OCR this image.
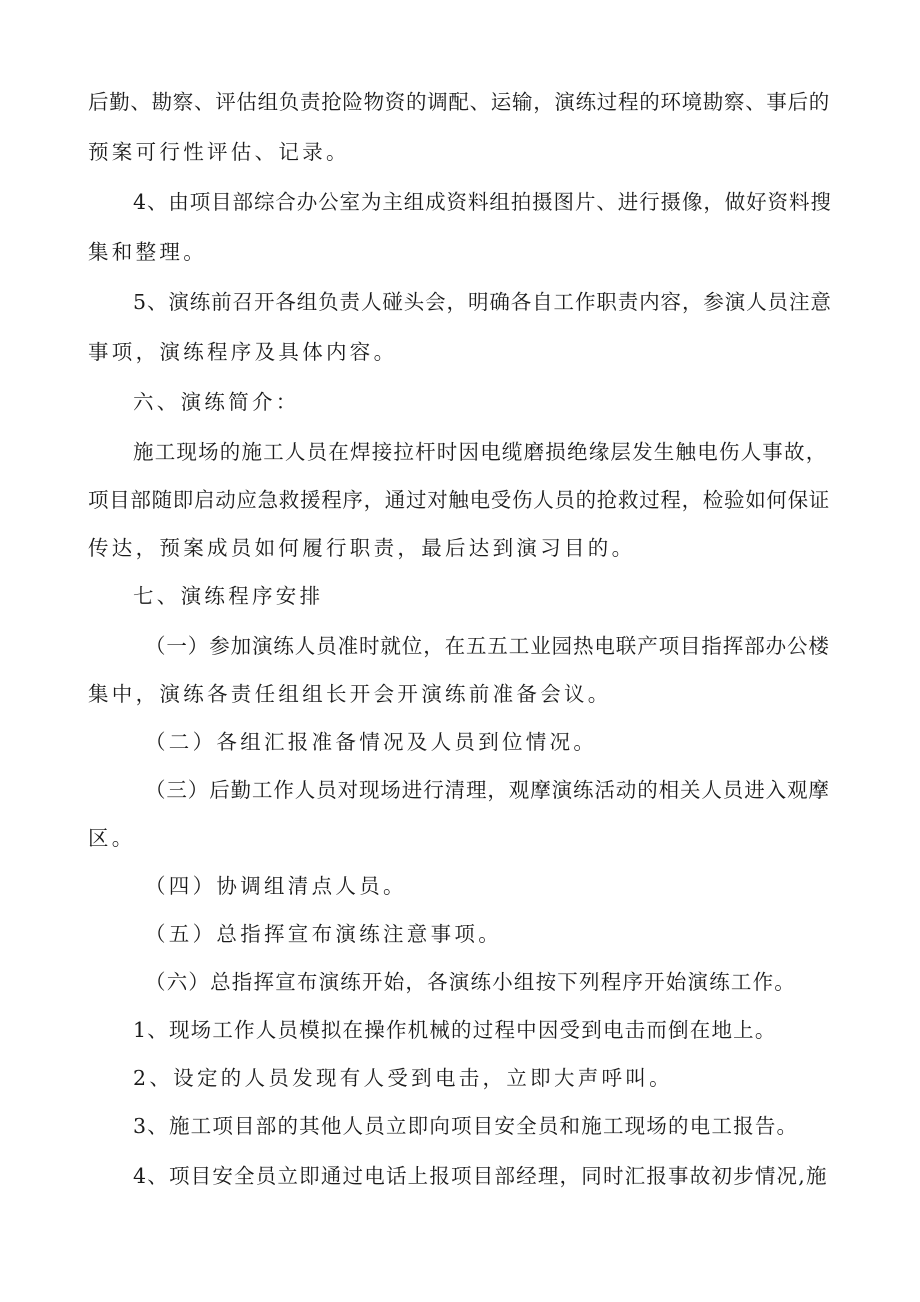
后勤、勘察、评估组负责抢险物资的调配、运输，演练过程的环境勘察、事后的
预案可行性评估、记录。
4、由项目部综合办公室为主组成资料组拍摄图片、进行摄像，做好资料搜
集和整理。
5、演练前召开各组负责人碰头会，明确各自工作职责内容，参演人员注意
事项，演练程序及具体内容。
六、演练简介：
施工现场的施工人员在焊接拉杆时因电缆磨损绝缘层发生触电伤人事故，
项目部随即启动应急救援程序，通过对触电受伤人员的抢救过程，检验如何保证
传达，预案成员如何履行职责，最后达到演习目的。
七、演练程序安排
（一）参加演练人员准时就位，在五五工业园热电联产项目指挥部办公楼
集中，演练各责任组组长开会开演练前准备会议。
（二）各组汇报准备情况及人员到位情况。
（三）后勤工作人员对现场进行清理，观摩演练活动的相关人员进入观摩
区。
（四）协调组清点人员。
（五）总指挥宣布演练注意事项。
（六）总指挥宣布演练开始，各演练小组按下列程序开始演练工作。
1、现场工作人员模拟在操作机械的过程中因受到电击而倒在地上。
2、设定的人员发现有人受到电击，立即大声呼叫。
3、施工项目部的其他人员立即向项目安全员和施工现场的电工报告。
4、项目安全员立即通过电话上报项目部经理，同时汇报事故初步情况,施
